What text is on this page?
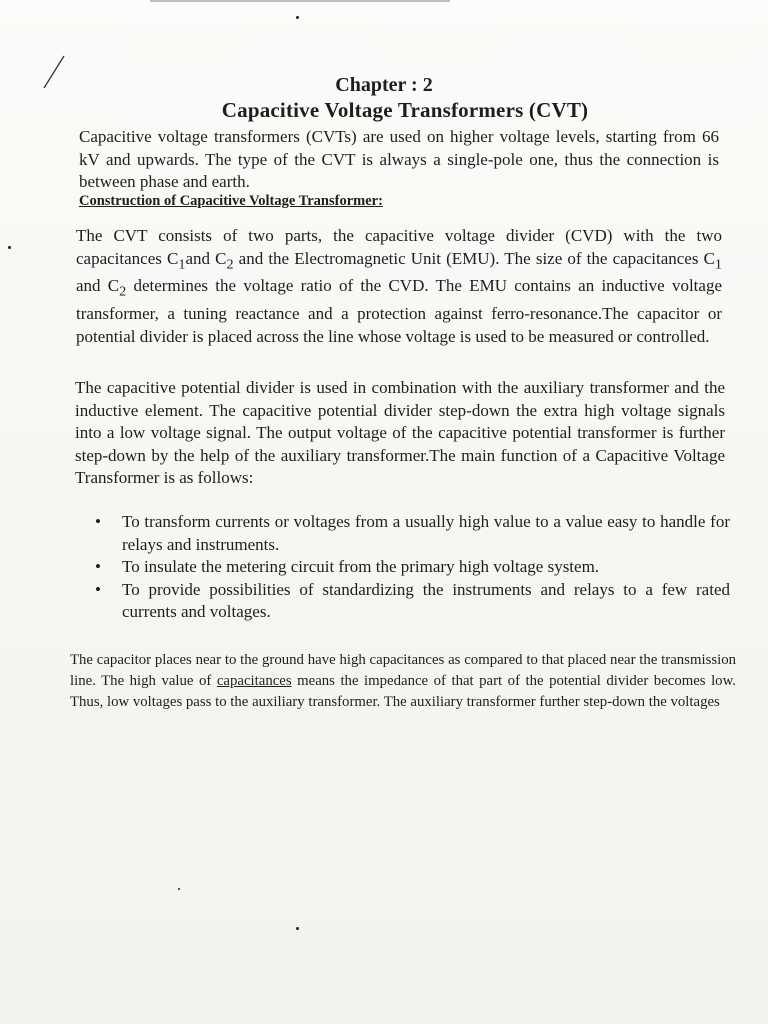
Chapter : 2
Capacitive Voltage Transformers (CVT)
Capacitive voltage transformers (CVTs) are used on higher voltage levels, starting from 66 kV and upwards. The type of the CVT is always a single-pole one, thus the connection is between phase and earth.
Construction of Capacitive Voltage Transformer:
The CVT consists of two parts, the capacitive voltage divider (CVD) with the two capacitances $C_1and$ $C_2$ and the Electromagnetic Unit (EMU). The size of the capacitances $C_1$ and $C_2$ determines the voltage ratio of the CVD. The EMU contains an inductive voltage transformer, a tuning reactance and a protection against ferro-resonance.The capacitor or potential divider is placed across the line whose voltage is used to be measured or controlled.
The capacitive potential divider is used in combination with the auxiliary transformer and the inductive element. The capacitive potential divider step-down the extra high voltage signals into a low voltage signal. The output voltage of the capacitive potential transformer is further step-down by the help of the auxiliary transformer.The main function of a Capacitive Voltage Transformer is as follows:
• To transform currents or voltages from a usually high value to a value easy to handle for relays and instruments.
• To insulate the metering circuit from the primary high voltage system.
• To provide possibilities of standardizing the instruments and relays to a few rated currents and voltages.
The capacitor places near to the ground have high capacitances as compared to that placed near the transmission line. The high value of capacitances means the impedance of that part of the potential divider becomes low. Thus, low voltages pass to the auxiliary transformer. The auxiliary transformer further step-down the voltages
